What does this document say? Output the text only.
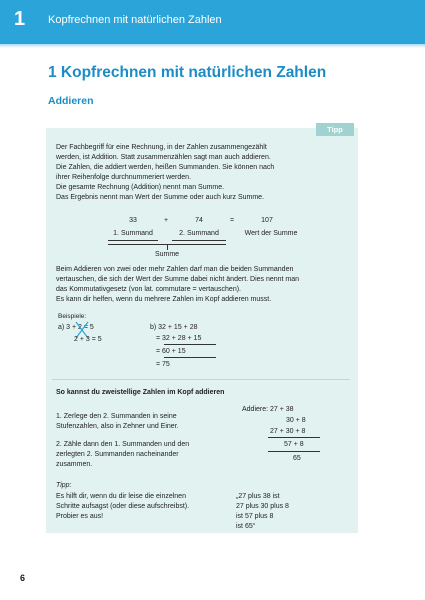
1 Kopfrechnen mit natürlichen Zahlen
1 Kopfrechnen mit natürlichen Zahlen
Addieren
Tipp
Der Fachbegriff für eine Rechnung, in der Zahlen zusammengezählt
werden, ist Addition. Statt zusammenzählen sagt man auch addieren.
Die Zahlen, die addiert werden, heißen Summanden. Sie können nach
ihrer Reihenfolge durchnummeriert werden.
Die gesamte Rechnung (Addition) nennt man Summe.
Das Ergebnis nennt man Wert der Summe oder auch kurz Summe.
33	+	74	=	107
1. Summand	2. Summand	Wert der Summe
Summe
Beim Addieren von zwei oder mehr Zahlen darf man die beiden Summanden
vertauschen, die sich der Wert der Summe dabei nicht ändert. Dies nennt man
das Kommutativgesetz (von lat. commutare = vertauschen).
Es kann dir helfen, wenn du mehrere Zahlen im Kopf addieren musst.
Beispiele:
a) 3 + 2 = 5
2 + 3 = 5
b) 32 + 15 + 28
= 32 + 28 + 15
= 60 + 15
= 75
So kannst du zweistellige Zahlen im Kopf addieren
1. Zerlege den 2. Summanden in seine
Stufenzahlen, also in Zehner und Einer.
2. Zähle dann den 1. Summanden und den
zerlegten 2. Summanden nacheinander
zusammen.
Addiere: 27 + 38
30 + 8
27 + 30 + 8
57 + 8
65
Tipp:
Es hilft dir, wenn du dir leise die einzelnen
Schritte aufsagst (oder diese aufschreibst).
Probier es aus!
„27 plus 38 ist
27 plus 30 plus 8
ist 57 plus 8
ist 65“
6
